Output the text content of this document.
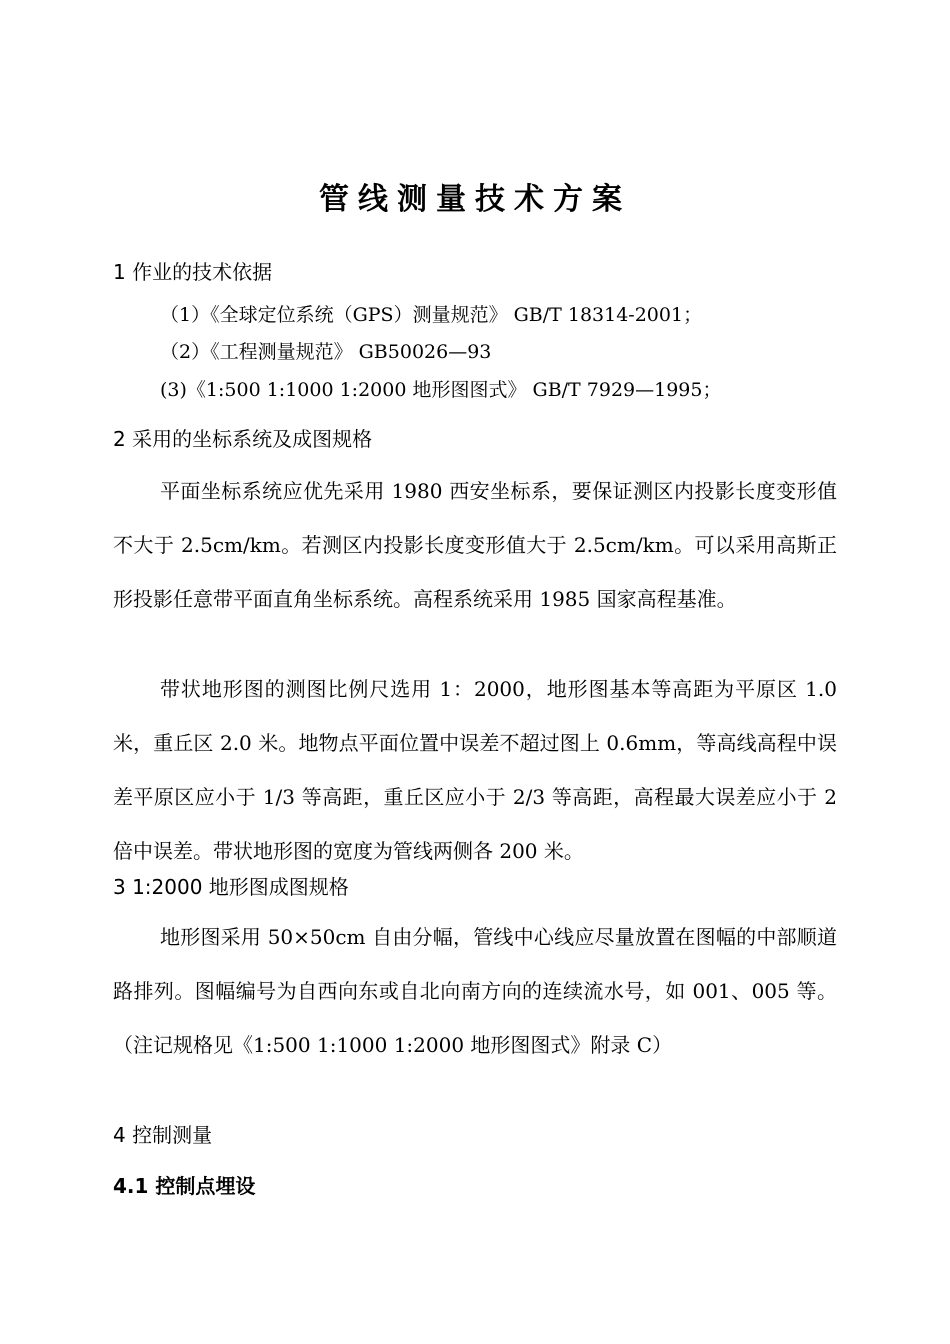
管线测量技术方案
1 作业的技术依据
（1）《全球定位系统（GPS）测量规范》 GB/T 18314-2001；
（2）《工程测量规范》 GB50026—93
(3)《1:500 1:1000 1:2000 地形图图式》 GB/T 7929—1995；
2 采用的坐标系统及成图规格

平面坐标系统应优先采用 1980 西安坐标系，要保证测区内投影长度变形值不大于 2.5cm/km。若测区内投影长度变形值大于 2.5cm/km。可以采用高斯正形投影任意带平面直角坐标系统。高程系统采用 1985 国家高程基准。

带状地形图的测图比例尺选用 1：2000，地形图基本等高距为平原区 1.0 米，重丘区 2.0 米。地物点平面位置中误差不超过图上 0.6mm，等高线高程中误差平原区应小于 1/3 等高距，重丘区应小于 2/3 等高距，高程最大误差应小于 2 倍中误差。带状地形图的宽度为管线两侧各 200 米。

3 1:2000 地形图成图规格

地形图采用 50×50cm 自由分幅，管线中心线应尽量放置在图幅的中部顺道路排列。图幅编号为自西向东或自北向南方向的连续流水号，如 001、005 等。（注记规格见《1:500 1:1000 1:2000 地形图图式》附录 C）

4 控制测量
4.1 控制点埋设
